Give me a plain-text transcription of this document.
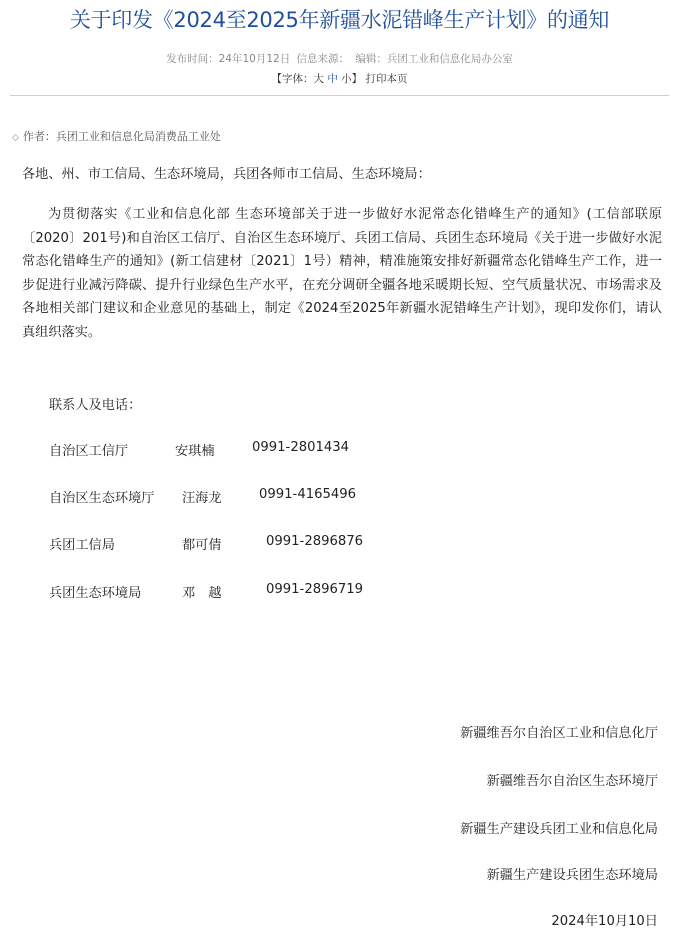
关于印发《2024至2025年新疆水泥错峰生产计划》的通知
发布时间：24年10月12日 信息来源： 编辑：兵团工业和信息化局办公室
【字体：大 中 小】 打印本页
◇ 作者：兵团工业和信息化局消费品工业处
各地、州、市工信局、生态环境局，兵团各师市工信局、生态环境局：

为贯彻落实《工业和信息化部 生态环境部关于进一步做好水泥常态化错峰生产的通知》(工信部联原〔2020〕201号)和自治区工信厅、自治区生态环境厅、兵团工信局、兵团生态环境局《关于进一步做好水泥常态化错峰生产的通知》(新工信建材〔2021〕1号）精神，精准施策安排好新疆常态化错峰生产工作，进一步促进行业减污降碳、提升行业绿色生产水平，在充分调研全疆各地采暖期长短、空气质量状况、市场需求及各地相关部门建议和企业意见的基础上，制定《2024至2025年新疆水泥错峰生产计划》，现印发你们，请认真组织落实。

联系人及电话：
自治区工信厅	安琪楠	0991-2801434
自治区生态环境厅 汪海龙	0991-4165496
兵团工信局	都可倩	0991-2896876
兵团生态环境局	邓　越	0991-2896719
新疆维吾尔自治区工业和信息化厅
新疆维吾尔自治区生态环境厅
新疆生产建设兵团工业和信息化局
新疆生产建设兵团生态环境局
2024年10月10日
